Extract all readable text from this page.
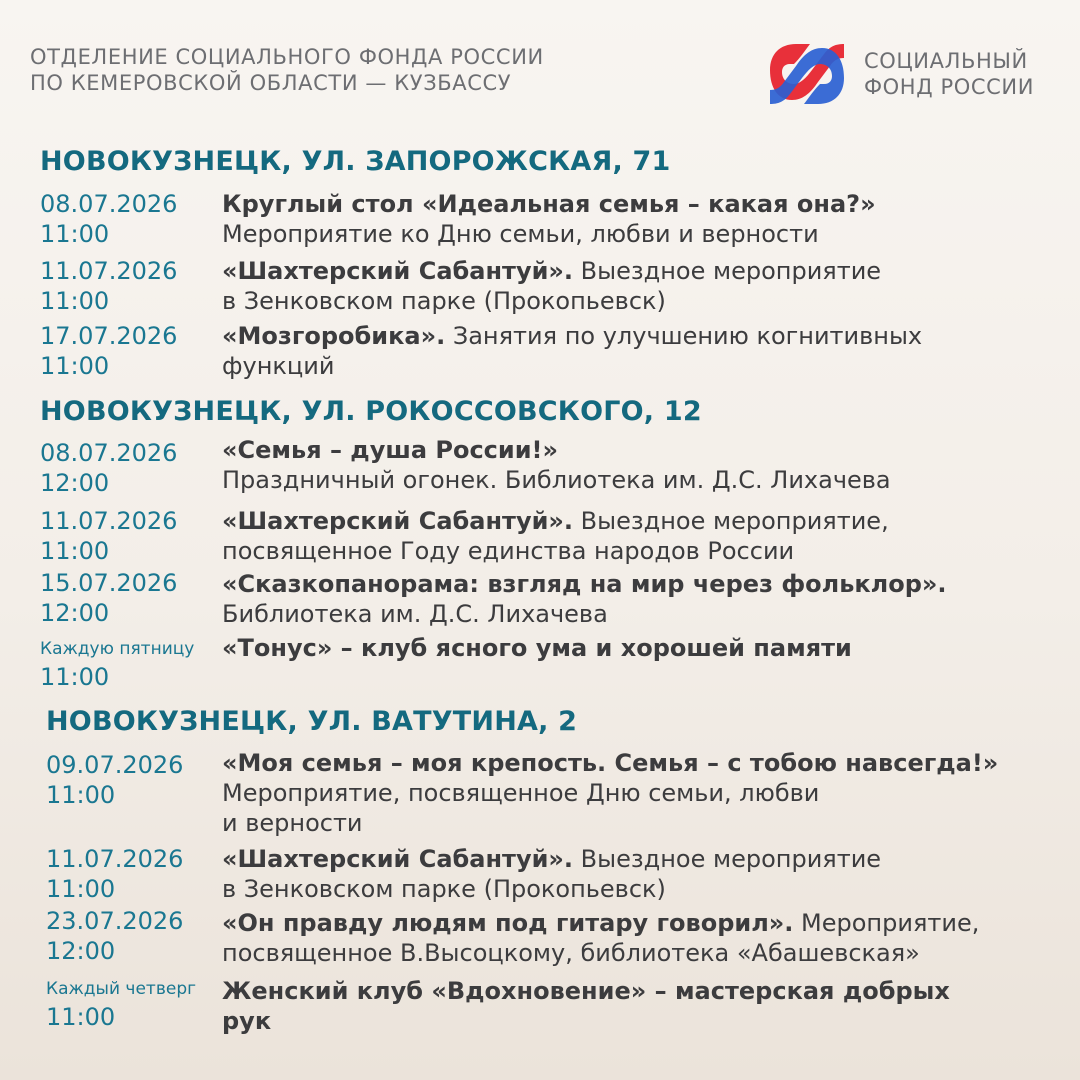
ОТДЕЛЕНИЕ СОЦИАЛЬНОГО ФОНДА РОССИИ
ПО КЕМЕРОВСКОЙ ОБЛАСТИ — КУЗБАССУ
СОЦИАЛЬНЫЙ
ФОНД РОССИИ
НОВОКУЗНЕЦК, УЛ. ЗАПОРОЖСКАЯ, 71
08.07.2026
11:00
Круглый стол «Идеальная семья – какая она?»
Мероприятие ко Дню семьи, любви и верности
11.07.2026
11:00
«Шахтерский Сабантуй». Выездное мероприятие
в Зенковском парке (Прокопьевск)
17.07.2026
11:00
«Мозгоробика». Занятия по улучшению когнитивных
функций
НОВОКУЗНЕЦК, УЛ. РОКОССОВСКОГО, 12
08.07.2026
12:00
«Семья – душа России!»
Праздничный огонек. Библиотека им. Д.С. Лихачева
11.07.2026
11:00
«Шахтерский Сабантуй». Выездное мероприятие,
посвященное Году единства народов России
15.07.2026
12:00
«Сказкопанорама: взгляд на мир через фольклор».
Библиотека им. Д.С. Лихачева
Каждую пятницу
11:00
«Тонус» – клуб ясного ума и хорошей памяти
НОВОКУЗНЕЦК, УЛ. ВАТУТИНА, 2
09.07.2026
11:00
«Моя семья – моя крепость. Семья – с тобою навсегда!»
Мероприятие, посвященное Дню семьи, любви
и верности
11.07.2026
11:00
«Шахтерский Сабантуй». Выездное мероприятие
в Зенковском парке (Прокопьевск)
23.07.2026
12:00
«Он правду людям под гитару говорил». Мероприятие,
посвященное В.Высоцкому, библиотека «Абашевская»
Каждый четверг
11:00
Женский клуб «Вдохновение» – мастерская добрых
рук
